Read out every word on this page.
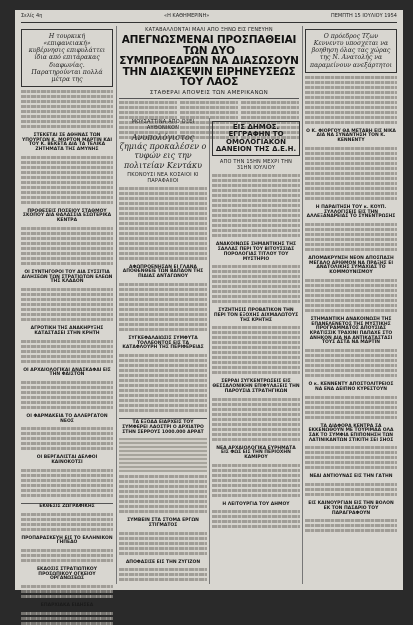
Σελίς 4η	«Η ΚΑΘΗΜΕΡΙΝΗ»	ΠΕΜΠΤΗ 15 ΙΟΥΛΙΟΥ 1954
Η τουρκική «επιφανειακή» κυβέρνησις επιφυλάττει ίδια από επιτάρακας διαφωνίας. Παρατηρούνται πολλά μέτρα της
ΣΤΕΚΕΤΑΙ ΣΕ ΑΘΗΝΑΣ ΤΩΝ ΥΠΟΥΡΓΩΝ Κ. ΜΟΡΤΟΝ ΜΑΡΤΙΝ ΚΑΙ ΤΟΥ Κ. ΒΕΚΕΤΑ ΔΙΑ ΤΑ ΤΕΛΙΚΑ ΖΗΤΗΜΑΤΑ ΤΗΣ ΑΜΥΝΗΣ
ΠΡΟΘΕΣΕΙΣ ΠΟΣΕΙΟΥ ΣΤΑΘΜΟΥ ΣΚΟΠΟΥ ΔΙΑ ΘΑΛΑΣΣΙΑ ΕΣΩΤΕΡΙΚΑ ΚΕΝΤΡΑ
ΟΙ ΣΥΝΤΗΓΟΡΟΙ ΤΟΥ ΔΙΑ ΣΥΣΣΙΤΙΑ ΔΙΛΗΣΕΩΝ ΤΩΝ ΣΤΡΑΤΙΩΤΩΝ ΕΛΕΩΝ ΤΗΣ ΚΛΑΔΟΝ
ΑΓΡΟΤΙΚΗ ΤΗΣ ΑΝΑΚΗΡΥΞΗΣ ΚΑΤΑΣΤΑΣΕΙ ΣΤΗΝ ΚΡΗΤΗ
ΟΙ ΑΡΧΑΙΟΛΟΓΙΚΑΙ ΑΝΑΣΚΑΦΑΙ ΕΙΣ ΤΗΝ ΦΑΙΣΤΟΝ
ΟΙ ΦΑΡΜΑΚΕΙΑ ΤΟ ΑΛΛΕΡΓΑΤΟΝ ΝΕΟΣ
ΟΙ ΒΕΡΓΑΛΙΣΤΑΙ ΔΕΛΦΟΙ ΚΑΙΝΟΚΟΤΣΙ
ΕΚΘΕΣΙΣ ΖΩΓΡΑΦΙΚΗΣ
ΠΡΟΠΑΡΑΣΚΕΥΗ ΕΙΣ ΤΟ ΕΛΛΗΝΙΚΟΝ ΓΗΠΕΔΟ
ΕΚΔΟΣΙΣ ΣΤΡΑΤΙΩΤΙΚΟΥ ΠΡΟΣΩΠΙΚΟΥ ΟΓΚΕΙΟΥ ΟΡΓΑΝΩΣΕΩΣ
ΕΠΑΡΧΙΑΚΑ ΕΙΔΗΣΕΑ
ΚΑΤΑΒΑΛΛΟΝΤΑΙ ΜΑΛΙ ΑΠΟ ΞΗΝΩ ΕΙΣ ΓΕΝΕΥΗΝ
ΑΠΕΓΝΩΣΜΕΝΑΙ ΠΡΟΣΠΑΘΕΙΑΙ ΤΩΝ ΔΥΟ
ΣΥΜΠΡΟΕΔΡΩΝ ΝΑ ΔΙΑΣΩΣΟΥΝ
ΤΗΝ ΔΙΑΣΚΕΨΙΝ ΕΙΡΗΝΕΥΣΕΩΣ ΤΟΥ ΛΑΟΣ
ΣΤΑΘΕΡΑΙ ΑΠΟΨΕΙΣ ΤΩΝ ΑΜΕΡΙΚΑΝΩΝ
ΜΟΥΣΑΤΤΙΝΑ ΑΠΟ ΟΞΕΙ ΑΥΘΟΝΙΚΟΝ
Ανυπολόγιστος ζημιάς προκαλέσεν ο τυφών εις την πολιτείαν Κεντάκυ
ΠΚΟΝΟΥΣΙ ΝΕΑ ΚΟΣΑΙΟΙ ΚΙ ΠΑΡΑΦΑΙΙΟΙ
ΑΦΩΠΡΟΕΝΗΣΑΝ ΕΙ ΓΛΑΝΑ ΑΠΟΘΕΝΘΕΙΕ ΤΩΝ ΒΑΠΑΟΝ ΤΗΣ ΠΙΔΙΑΣ ΑΝΤΑΓΩΝΟΥ
ΣΥΓΚΕΦΑΛΑΙΩΣΙΣ ΣΥΜΦΥΤΑ ΤΟΛΛΕΟΝΤΟΣ ΕΙΣ ΤΑ ΚΑΤΑΦΛΟΥΡΗ ΤΗΣ ΠΕΡΙΦΕΡΕΙΑΣ
ΤΑ ΕΞΟΔΑ ΕΙΑΡΧΕΙΣ ΤΟΥ ΣΥΜΦΕΡΕΙ ΛΑΟΣΤΡΙ Ο ΑΡΧΙΑΤΡΟ ΣΤΗΝ ΣΕΡΡΟΥΣ 1000.000 ΑΡΡΑΤ
ΣΥΜΒΕΙΝ ΣΤΑ ΣΤΟΜΑ ΕΡΓΩΝ ΣΤΙΓΜΑΤΟΣ
ΑΠΟΦΑΣΙΣΕ ΕΙΣ ΤΗΝ ΖΥΓΙΖΟΝ
ΕΙΣ ΔΗΜΟΣ. ΕΓΓΡΑΦΗΝ ΤΟ ΟΜΟΛΟΓΙΑΚΟΝ ΔΑΝΕΙΟΝ ΤΗΣ Δ.Ε.Η.
ΑΠΟ ΤΗΝ 15ΗΝ ΜΕΧΡΙ ΤΗΝ 31ΗΝ ΙΟΥΛΙΟΥ
ΑΝΑΚΟΙΝΩΣΕ ΣΗΜΑΝΤΙΚΗΣ ΤΗΣ ΣΑΛΛΑΣ ΠΕΡΙ ΤΟΥ ΒΙΤΟΥΣΣΙΑΣ ΠΟΡΟΛΟΓΙΑΣ ΤΙΤΛΟΥ ΤΟΥ ΜΥΣΤΗΡΙΟ
ΣΥΖΗΤΗΣΙΣ ΠΡΟΒΑΤΙΚΟΝ ΤΗΝ ΠΕΡΙ ΤΟΝ ΕΞΟΧΗΣ ΑΙΧΜΑΛΩΤΟΥΣ ΤΗΣ ΚΡΗΤΗΣ
ΣΕΡΡΑΙ ΣΥΓΚΕΝΤΡΩΣΕΙΣ ΕΙΣ ΘΕΣΣΑΛΟΝΙΚΗΝ ΕΠΙΦΥΛΑΞΕΙΣ ΤΗΝ ΠΑΡΟΥΣΙΑ ΣΤΡΑΤΗΓΙΚΩΝ
ΝΕΑ ΑΡΧΑΙΟΛΟΓΙΚΑ ΕΥΡΗΜΑΤΑ ΕΙΣ ΦΩΣ ΕΙΣ ΤΗΝ ΠΕΡΙΟΧΗΝ ΚΑΜΙΡΟΥ
Η ΛΕΙΤΟΥΡΓΙΑ ΤΟΥ ΔΗΜΟΥ
Ο πρόεδρος Τζων Κεννεντυ υποσχεται να βοηθηση όλας τας χώρας της Ν. Ανατολής να παραμείνουν ανεξάρτητοι
Ο Κ. ΦΙΟΡΓΟΥ ΘΑ ΜΕΤΑΒΗ ΕΙΣ ΝΙΚΑ ΔΙΑ ΝΑ ΣΥΝΑΝΤΗΣΗ ΤΟΝ Κ. ΚΕΝΝΕΝΤΥ
Η ΠΑΡΑΙΤΗΣΗ ΤΟΥ κ. ΚΟΥΠ. ΣΥΛΛΟΓΙΣΕΙΣ ΕΙΣ ΤΗΝ ΑΛΛΕΞΑΝΔΡΕΙΑΣ ΤΟ ΣΥΝΕΝΤΡΩΣΗΣ
ΑΠΟΜΑΚΡΥΝΣΗ ΝΕΟΝ ΑΠΟΣΠΑΣΗ ΜΕΓΑΛΟ ΑΡΙΘΜΟΝ ΝΑ ΠΡΑΞΗΣ ΕΙ ΑΝΑΤΟΛΙΚΗΣ ΣΥΜΑΧΙΑΣ ΤΟ ΚΟΜΜΟΥΝΙΣΜΟΥ
ΣΤΗΜΑΝΤΙΚΗ ΑΝΑΚΟΙΝΩΣΗ ΤΗΣ ΕΠΑΝΕΛΕΝΕΤΟΣ ΤΗΣ ΜΥΣΤΙΚΗΣ ΠΡΟΓΡΑΜΜΑΤΟΣ ΑΠΟΥΣΙΑΣ ΚΡΑΤΙΣΣΙΚ ΤΡΑΧΙΝΙ ΠΑΠΑΧΕ ΣΤΟ ΑΝΗΚΟΝ ΔΙΑ ΝΑ ΑΝΤΙΚΑΤΑΣΤΑΣΙ ΤΟΥΣ ΑΣΤΑ ΝΑ ΜΑΡΤΙΝ
Ο κ. ΚΕΝΝΕΝΤΥ ΑΠΟΣΤΟΛΙΤΡΕΙΟΣ ΝΑ ΕΝΑ ΔΕΙΠΝΟ ΚΥΡΕΣΤΟΥΝ
ΤΑ ΔΙΑΦΟΡΑ ΚΕΝΤΡΑ ΣΑ ΕΚΚΕΝΩΘΟΥΝ ΜΕ ΤΟΥΡΙΜΑΑ ΟΛΑ ΣΑΚ ΤΟ ΣΥΜΦΙΑ ΕΠΙΠΟΝΗΣΗ ΤΩΝ ΛΑΤΙΝΙΚΑΝΤΩΝ ΣΤΙΚΙΤΗ ΣΕΙ ΣΗΟΣ
ΝΕΑΙ ΑΝΤΙΟΥΝΑΣ ΕΙΣ ΤΗΝ ΓΑΤΗΝ
ΕΙΣ ΚΑΙΝΟΥΡΓΙΑΝ ΕΙΣ ΤΗΝ ΒΟΛΟΝ ΕΚ ΤΟΝ ΠΑΣΑΡΙΟ ΤΟΥ ΠΑΡΑΓΡΑΦΟΥΝ
